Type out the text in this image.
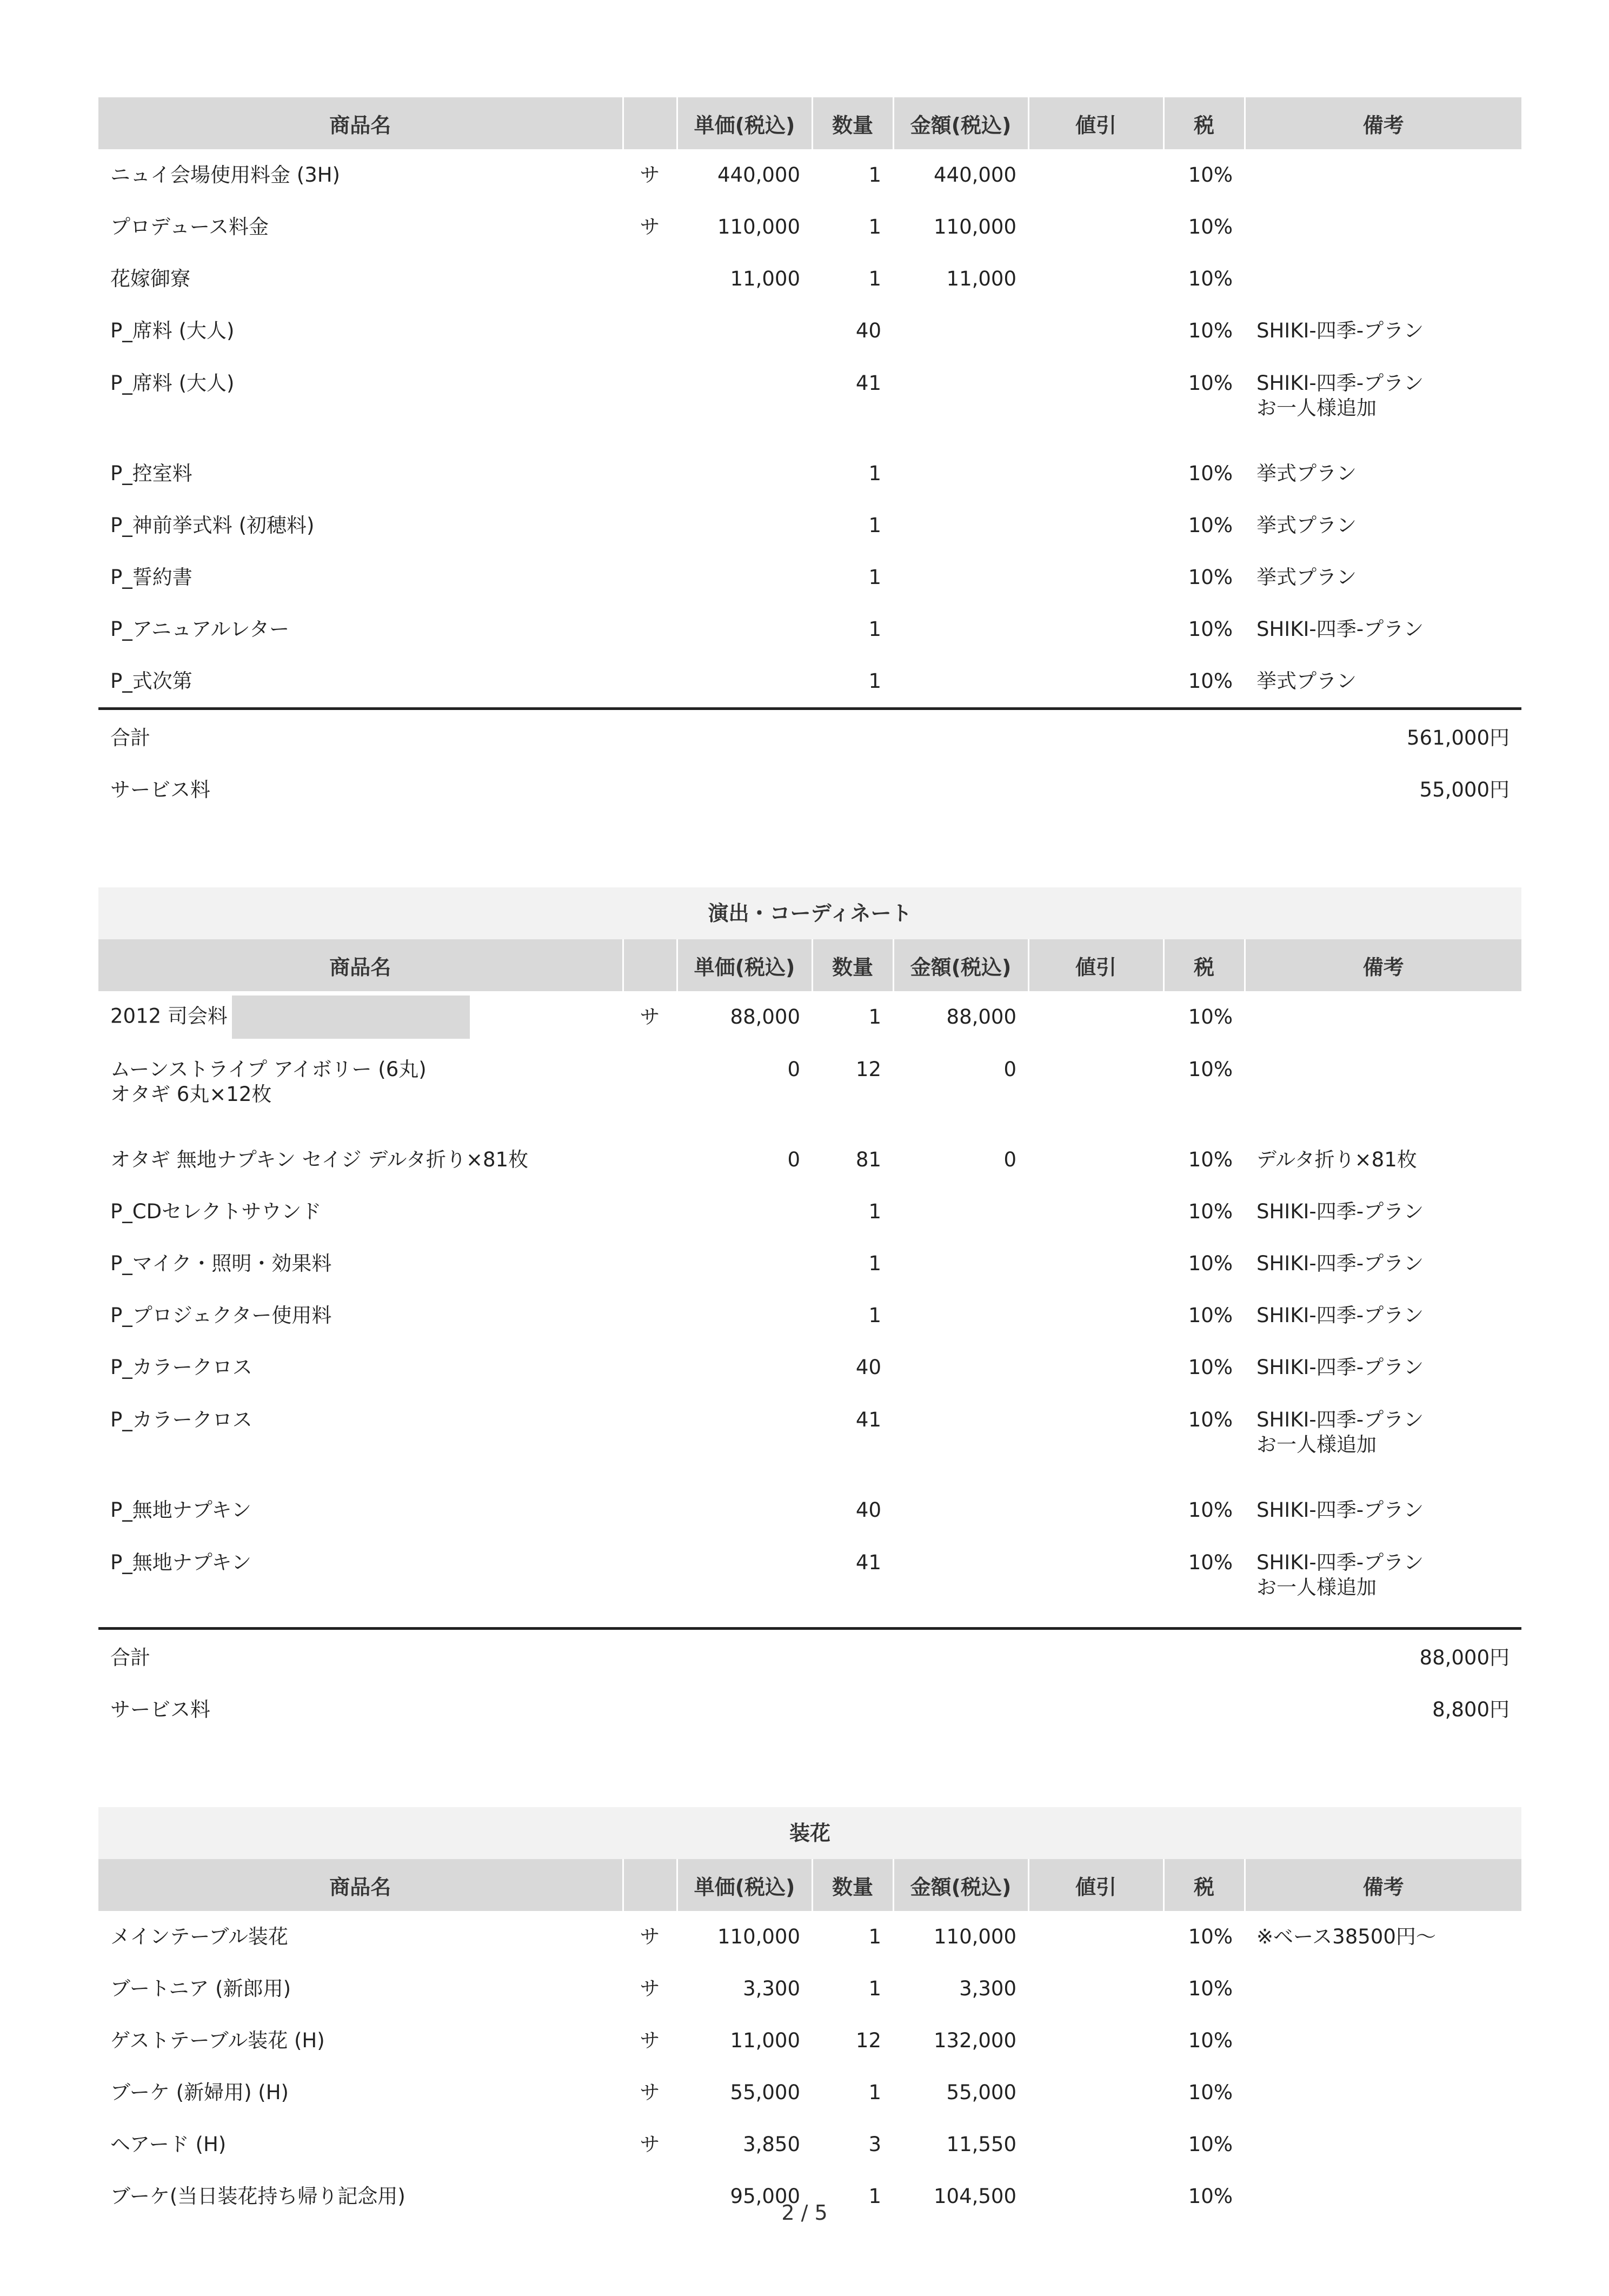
商品名		単価(税込)	数量	金額(税込)	値引	税	備考
ニュイ会場使用料金 (3H)	サ	440,000	1	440,000		10%	
プロデュース料金	サ	110,000	1	110,000		10%	
花嫁御寮		11,000	1	11,000		10%	
P_席料 (大人)			40			10%	SHIKI-四季-プラン
P_席料 (大人)			41			10%	SHIKI-四季-プラン
お一人様追加

P_控室料			1			10%	挙式プラン
P_神前挙式料 (初穂料)			1			10%	挙式プラン
P_誓約書			1			10%	挙式プラン
P_アニュアルレター			1			10%	SHIKI-四季-プラン
P_式次第			1			10%	挙式プラン
合計	561,000円
サービス料	55,000円
演出・コーディネート
商品名		単価(税込)	数量	金額(税込)	値引	税	備考
2012 司会料	サ	88,000	1	88,000		10%	
ムーンストライプ アイボリー (6丸)
オタギ 6丸×12枚		0	12	0		10%	
オタギ 無地ナプキン セイジ デルタ折り×81枚		0	81	0		10%	デルタ折り×81枚
P_CDセレクトサウンド			1			10%	SHIKI-四季-プラン
P_マイク・照明・効果料			1			10%	SHIKI-四季-プラン
P_プロジェクター使用料			1			10%	SHIKI-四季-プラン
P_カラークロス			40			10%	SHIKI-四季-プラン
P_カラークロス			41			10%	SHIKI-四季-プラン
お一人様追加

P_無地ナプキン			40			10%	SHIKI-四季-プラン
P_無地ナプキン			41			10%	SHIKI-四季-プラン
お一人様追加
合計	88,000円
サービス料	8,800円
装花
商品名		単価(税込)	数量	金額(税込)	値引	税	備考
メインテーブル装花	サ	110,000	1	110,000		10%	※ベース38500円〜
ブートニア (新郎用)	サ	3,300	1	3,300		10%	
ゲストテーブル装花 (H)	サ	11,000	12	132,000		10%	
ブーケ (新婦用) (H)	サ	55,000	1	55,000		10%	
ヘアード (H)	サ	3,850	3	11,550		10%	
ブーケ(当日装花持ち帰り記念用)		95,000	1	104,500		10%	
2 / 5
